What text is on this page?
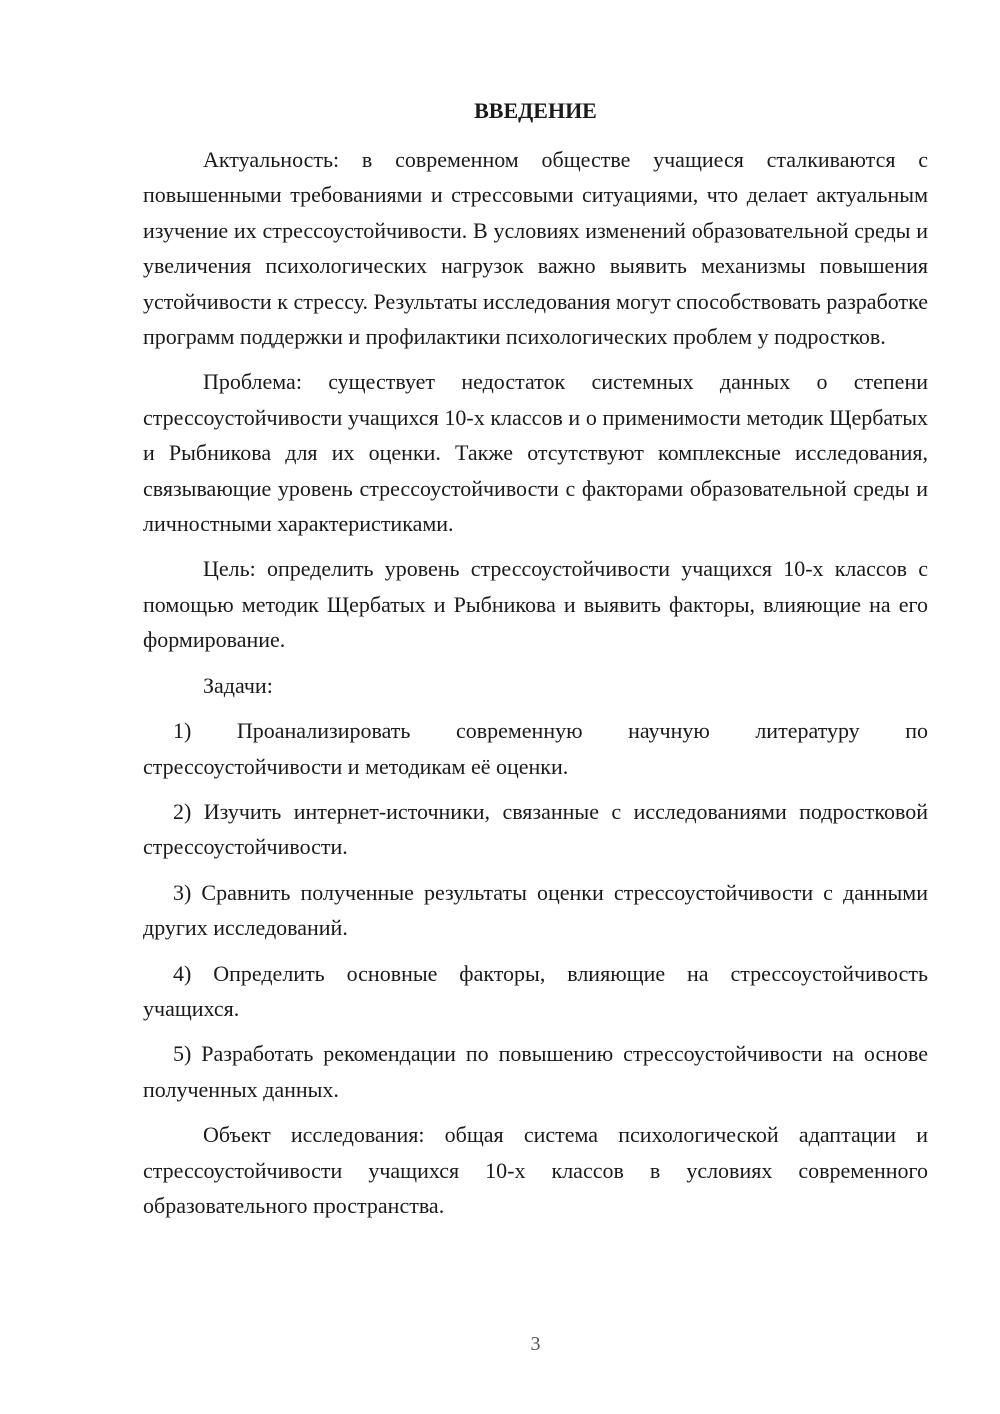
ВВЕДЕНИЕ

Актуальность: в современном обществе учащиеся сталкиваются с повышенными требованиями и стрессовыми ситуациями, что делает актуальным изучение их стрессоустойчивости. В условиях изменений образовательной среды и увеличения психологических нагрузок важно выявить механизмы повышения устойчивости к стрессу. Результаты исследования могут способствовать разработке программ поддержки и профилактики психологических проблем у подростков.

Проблема: существует недостаток системных данных о степени стрессоустойчивости учащихся 10-х классов и о применимости методик Щербатых и Рыбникова для их оценки. Также отсутствуют комплексные исследования, связывающие уровень стрессоустойчивости с факторами образовательной среды и личностными характеристиками.

Цель: определить уровень стрессоустойчивости учащихся 10-х классов с помощью методик Щербатых и Рыбникова и выявить факторы, влияющие на его формирование.

Задачи:

1) Проанализировать современную научную литературу по стрессоустойчивости и методикам её оценки.

2) Изучить интернет-источники, связанные с исследованиями подростковой стрессоустойчивости.

3) Сравнить полученные результаты оценки стрессоустойчивости с данными других исследований.

4) Определить основные факторы, влияющие на стрессоустойчивость учащихся.

5) Разработать рекомендации по повышению стрессоустойчивости на основе полученных данных.

Объект исследования: общая система психологической адаптации и стрессоустойчивости учащихся 10-х классов в условиях современного образовательного пространства.

3
